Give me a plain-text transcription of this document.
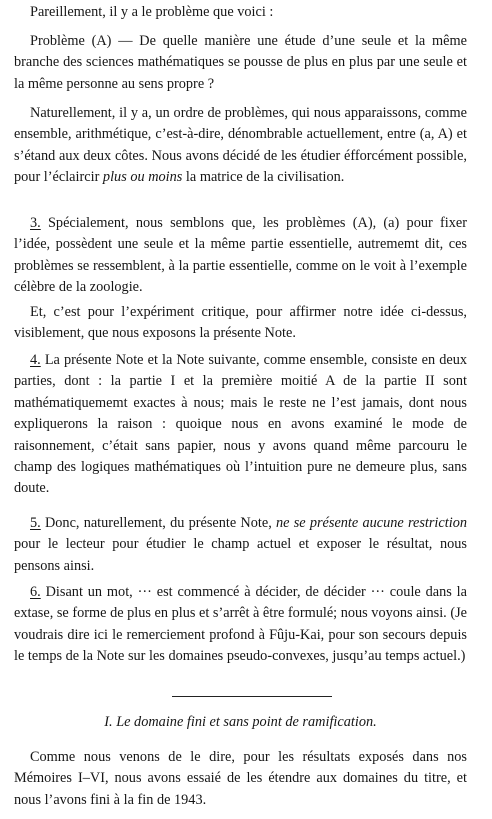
Pareillement, il y a le problème que voici :

Problème (A) — De quelle manière une étude d’une seule et la même branche des sciences mathématiques se pousse de plus en plus par une seule et la même personne au sens propre ?

Naturellement, il y a, un ordre de problèmes, qui nous apparaissons, comme ensemble, arithmétique, c’est-à-dire, dénombrable actuellement, entre (a, A) et s’étand aux deux côtes. Nous avons décidé de les étudier éfforcément possible, pour l’éclaircir plus ou moins la matrice de la civilisation.

3. Spécialement, nous semblons que, les problèmes (A), (a) pour fixer l’idée, possèdent une seule et la même partie essentielle, autrememt dit, ces problèmes se ressemblent, à la partie essentielle, comme on le voit à l’exemple célèbre de la zoologie.

Et, c’est pour l’expériment critique, pour affirmer notre idée ci-dessus, visiblement, que nous exposons la présente Note.

4. La présente Note et la Note suivante, comme ensemble, consiste en deux parties, dont : la partie I et la première moitié A de la partie II sont mathématiquememt exactes à nous; mais le reste ne l’est jamais, dont nous expliquerons la raison : quoique nous en avons examiné le mode de raisonnement, c’était sans papier, nous y avons quand même parcouru le champ des logiques mathématiques où l’intuition pure ne demeure plus, sans doute.

5. Donc, naturellement, du présente Note, ne se présente aucune restriction pour le lecteur pour étudier le champ actuel et exposer le résultat, nous pensons ainsi.

6. Disant un mot, ··· est commencé à décider, de décider ··· coule dans la extase, se forme de plus en plus et s’arrêt à être formulé; nous voyons ainsi. (Je voudrais dire ici le remerciement profond à Fûju-Kai, pour son secours depuis le temps de la Note sur les domaines pseudo-convexes, jusqu’au temps actuel.)

I. Le domaine fini et sans point de ramification.

Comme nous venons de le dire, pour les résultats exposés dans nos Mémoires I–VI, nous avons essaié de les étendre aux domaines du titre, et nous l’avons fini à la fin de 1943.
